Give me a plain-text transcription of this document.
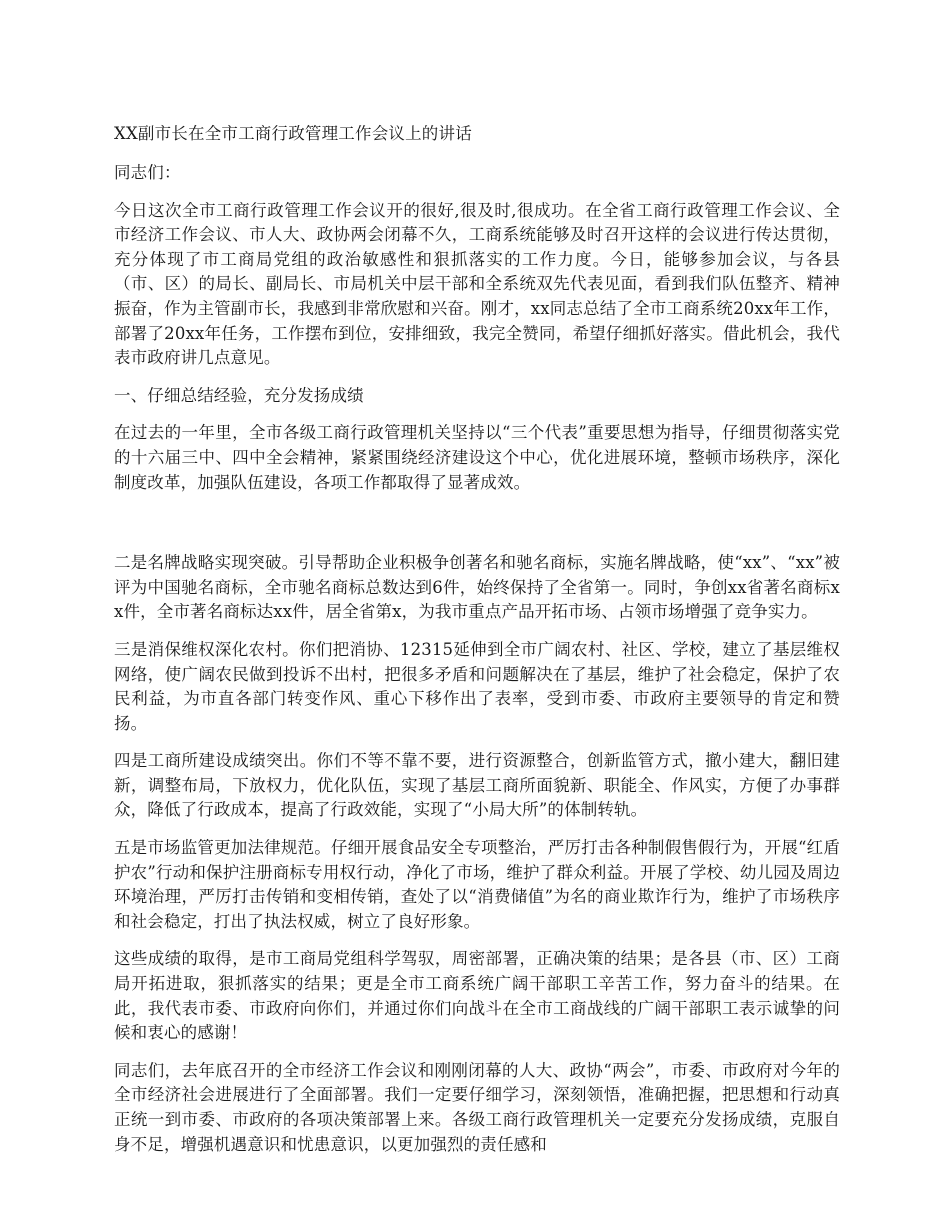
XX副市长在全市工商行政管理工作会议上的讲话

同志们：

今日这次全市工商行政管理工作会议开的很好,很及时,很成功。在全省工商行政管理工作会议、全市经济工作会议、市人大、政协两会闭幕不久，工商系统能够及时召开这样的会议进行传达贯彻，充分体现了市工商局党组的政治敏感性和狠抓落实的工作力度。今日，能够参加会议，与各县（市、区）的局长、副局长、市局机关中层干部和全系统双先代表见面，看到我们队伍整齐、精神振奋，作为主管副市长，我感到非常欣慰和兴奋。刚才，xx同志总结了全市工商系统20xx年工作，部署了20xx年任务，工作摆布到位，安排细致，我完全赞同，希望仔细抓好落实。借此机会，我代表市政府讲几点意见。

一、仔细总结经验，充分发扬成绩

在过去的一年里，全市各级工商行政管理机关坚持以“三个代表”重要思想为指导，仔细贯彻落实党的十六届三中、四中全会精神，紧紧围绕经济建设这个中心，优化进展环境，整顿市场秩序，深化制度改革，加强队伍建设，各项工作都取得了显著成效。

二是名牌战略实现突破。引导帮助企业积极争创著名和驰名商标，实施名牌战略，使“xx”、“xx”被评为中国驰名商标，全市驰名商标总数达到6件，始终保持了全省第一。同时，争创xx省著名商标xx件，全市著名商标达xx件，居全省第x，为我市重点产品开拓市场、占领市场增强了竞争实力。

三是消保维权深化农村。你们把消协、12315延伸到全市广阔农村、社区、学校，建立了基层维权网络，使广阔农民做到投诉不出村，把很多矛盾和问题解决在了基层，维护了社会稳定，保护了农民利益，为市直各部门转变作风、重心下移作出了表率，受到市委、市政府主要领导的肯定和赞扬。

四是工商所建设成绩突出。你们不等不靠不要，进行资源整合，创新监管方式，撤小建大，翻旧建新，调整布局，下放权力，优化队伍，实现了基层工商所面貌新、职能全、作风实，方便了办事群众，降低了行政成本，提高了行政效能，实现了“小局大所”的体制转轨。

五是市场监管更加法律规范。仔细开展食品安全专项整治，严厉打击各种制假售假行为，开展“红盾护农”行动和保护注册商标专用权行动，净化了市场，维护了群众利益。开展了学校、幼儿园及周边环境治理，严厉打击传销和变相传销，查处了以“消费储值”为名的商业欺诈行为，维护了市场秩序和社会稳定，打出了执法权威，树立了良好形象。

这些成绩的取得，是市工商局党组科学驾驭，周密部署，正确决策的结果；是各县（市、区）工商局开拓进取，狠抓落实的结果；更是全市工商系统广阔干部职工辛苦工作，努力奋斗的结果。在此，我代表市委、市政府向你们，并通过你们向战斗在全市工商战线的广阔干部职工表示诚挚的问候和衷心的感谢！

同志们，去年底召开的全市经济工作会议和刚刚闭幕的人大、政协“两会”，市委、市政府对今年的全市经济社会进展进行了全面部署。我们一定要仔细学习，深刻领悟，准确把握，把思想和行动真正统一到市委、市政府的各项决策部署上来。各级工商行政管理机关一定要充分发扬成绩，克服自身不足，增强机遇意识和忧患意识，以更加强烈的责任感和
